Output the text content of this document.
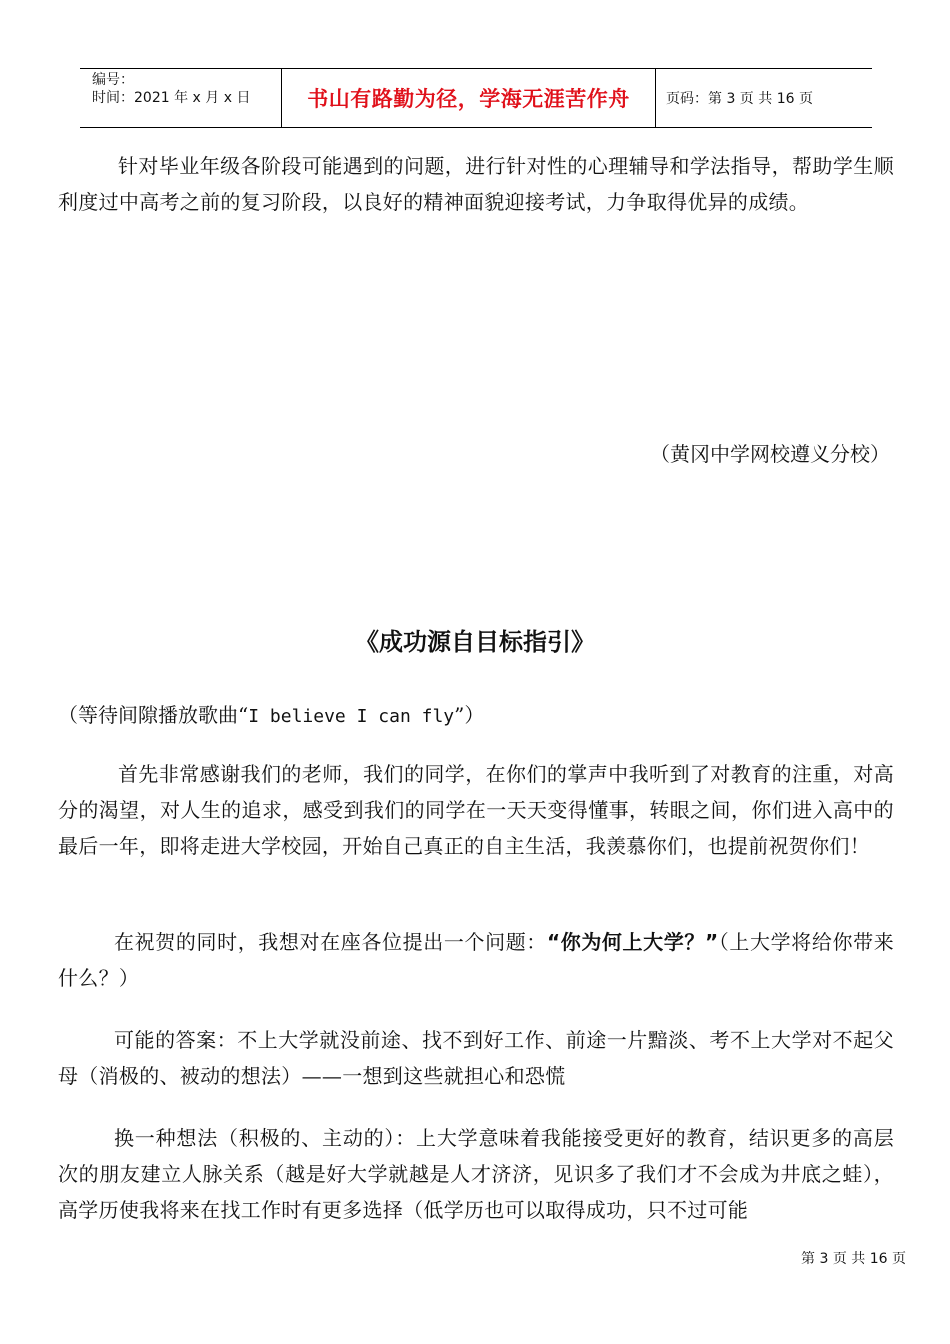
编号：
时间：2021 年 x 月 x 日	书山有路勤为径，学海无涯苦作舟	页码：第 3 页 共 16 页

针对毕业年级各阶段可能遇到的问题，进行针对性的心理辅导和学法指导，帮助学生顺利度过中高考之前的复习阶段，以良好的精神面貌迎接考试，力争取得优异的成绩。

（黄冈中学网校遵义分校）
《成功源自目标指引》
（等待间隙播放歌曲“I believe I can fly”）

首先非常感谢我们的老师，我们的同学，在你们的掌声中我听到了对教育的注重，对高分的渴望，对人生的追求，感受到我们的同学在一天天变得懂事，转眼之间，你们进入高中的最后一年，即将走进大学校园，开始自己真正的自主生活，我羡慕你们，也提前祝贺你们！

在祝贺的同时，我想对在座各位提出一个问题：“你为何上大学？”（上大学将给你带来什么？）

可能的答案：不上大学就没前途、找不到好工作、前途一片黯淡、考不上大学对不起父母（消极的、被动的想法）——一想到这些就担心和恐慌

换一种想法（积极的、主动的）：上大学意味着我能接受更好的教育，结识更多的高层次的朋友建立人脉关系（越是好大学就越是人才济济，见识多了我们才不会成为井底之蛙），高学历使我将来在找工作时有更多选择（低学历也可以取得成功，只不过可能

第 3 页 共 16 页
